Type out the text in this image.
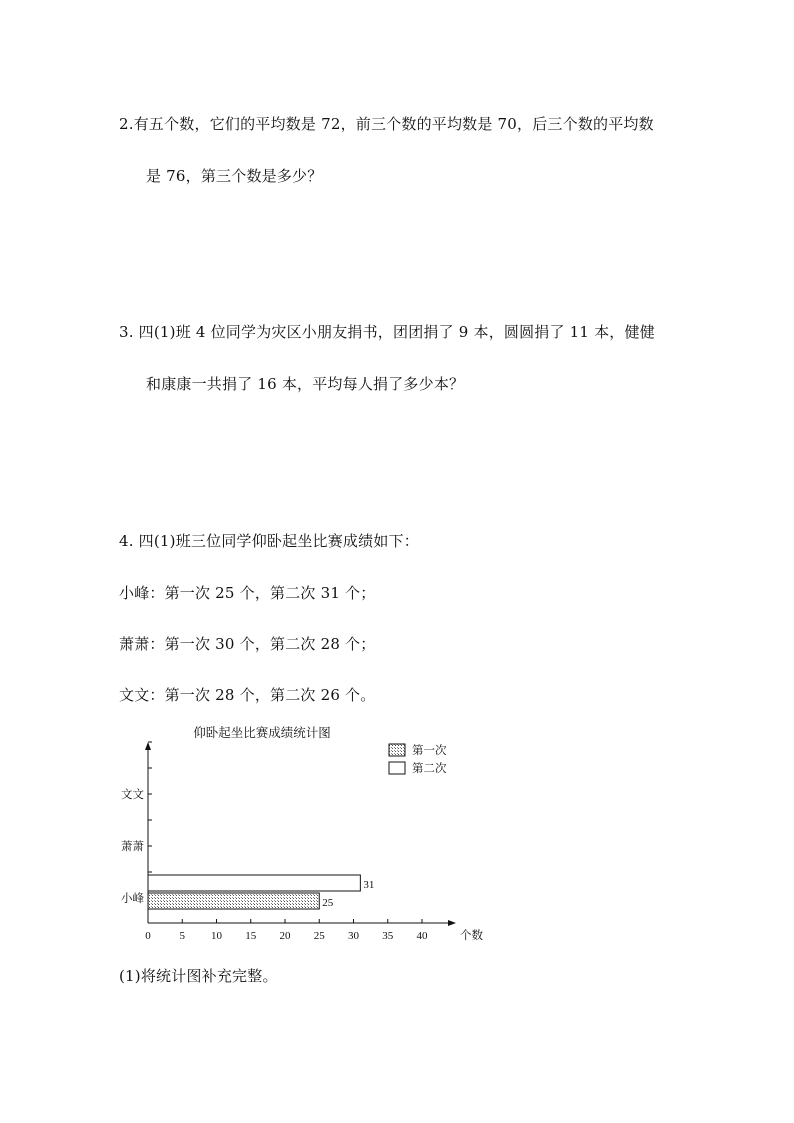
2.有五个数，它们的平均数是 72，前三个数的平均数是 70，后三个数的平均数
是 76，第三个数是多少？
3. 四(1)班 4 位同学为灾区小朋友捐书，团团捐了 9 本，圆圆捐了 11 本，健健
和康康一共捐了 16 本，平均每人捐了多少本？
4. 四(1)班三位同学仰卧起坐比赛成绩如下：
小峰：第一次 25 个，第二次 31 个；
萧萧：第一次 30 个，第二次 28 个；
文文：第一次 28 个，第二次 26 个。
仰卧起坐比赛成绩统计图
0	5 10 15 20 25 30 35 40	个数
小峰
萧萧
文文
25
31
第一次
第二次
(1)将统计图补充完整。
